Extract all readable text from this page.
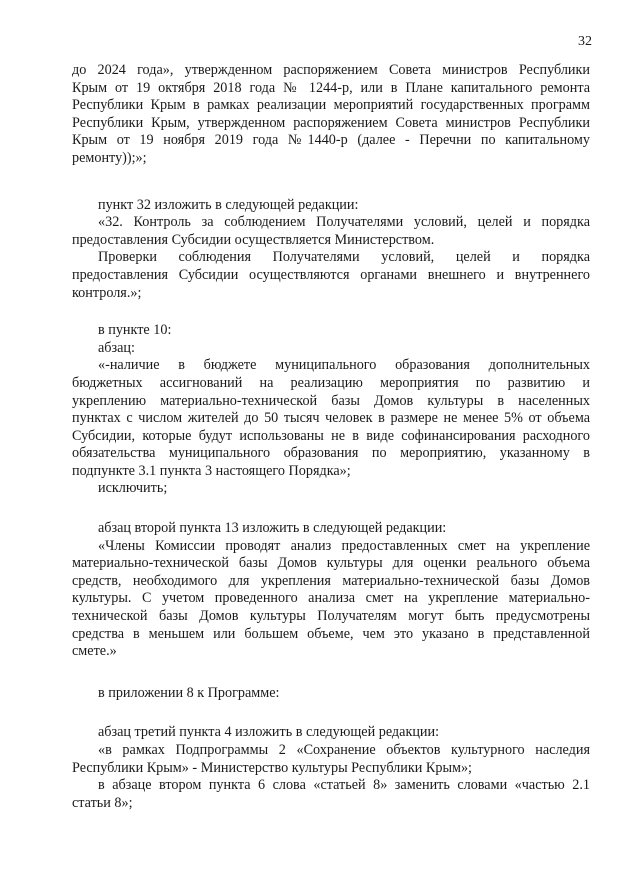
32
до 2024 года», утвержденном распоряжением Совета министров Республики
Крым от 19 октября 2018 года № 1244-р, или в Плане капитального ремонта
Республики Крым в рамках реализации мероприятий государственных программ
Республики Крым, утвержденном распоряжением Совета министров Республики
Крым от 19 ноября 2019 года №1440-р (далее - Перечни по капитальному
ремонту));»;
пункт 32 изложить в следующей редакции:
«32. Контроль за соблюдением Получателями условий, целей и порядка
предоставления Субсидии осуществляется Министерством.
Проверки соблюдения Получателями условий, целей и порядка
предоставления Субсидии осуществляются органами внешнего и внутреннего
контроля.»;
в пункте 10:
абзац:
«-наличие в бюджете муниципального образования дополнительных
бюджетных ассигнований на реализацию мероприятия по развитию и
укреплению материально-технической базы Домов культуры в населенных
пунктах с числом жителей до 50 тысяч человек в размере не менее 5% от объема
Субсидии, которые будут использованы не в виде софинансирования расходного
обязательства муниципального образования по мероприятию, указанному в
подпункте 3.1 пункта 3 настоящего Порядка»;
исключить;
абзац второй пункта 13 изложить в следующей редакции:
«Члены Комиссии проводят анализ предоставленных смет на укрепление
материально-технической базы Домов культуры для оценки реального объема
средств, необходимого для укрепления материально-технической базы Домов
культуры. С учетом проведенного анализа смет на укрепление материально-
технической базы Домов культуры Получателям могут быть предусмотрены
средства в меньшем или большем объеме, чем это указано в представленной
смете.»
в приложении 8 к Программе:
абзац третий пункта 4 изложить в следующей редакции:
«в рамках Подпрограммы 2 «Сохранение объектов культурного наследия
Республики Крым» - Министерство культуры Республики Крым»;
в абзаце втором пункта 6 слова «статьей 8» заменить словами «частью 2.1
статьи 8»;
